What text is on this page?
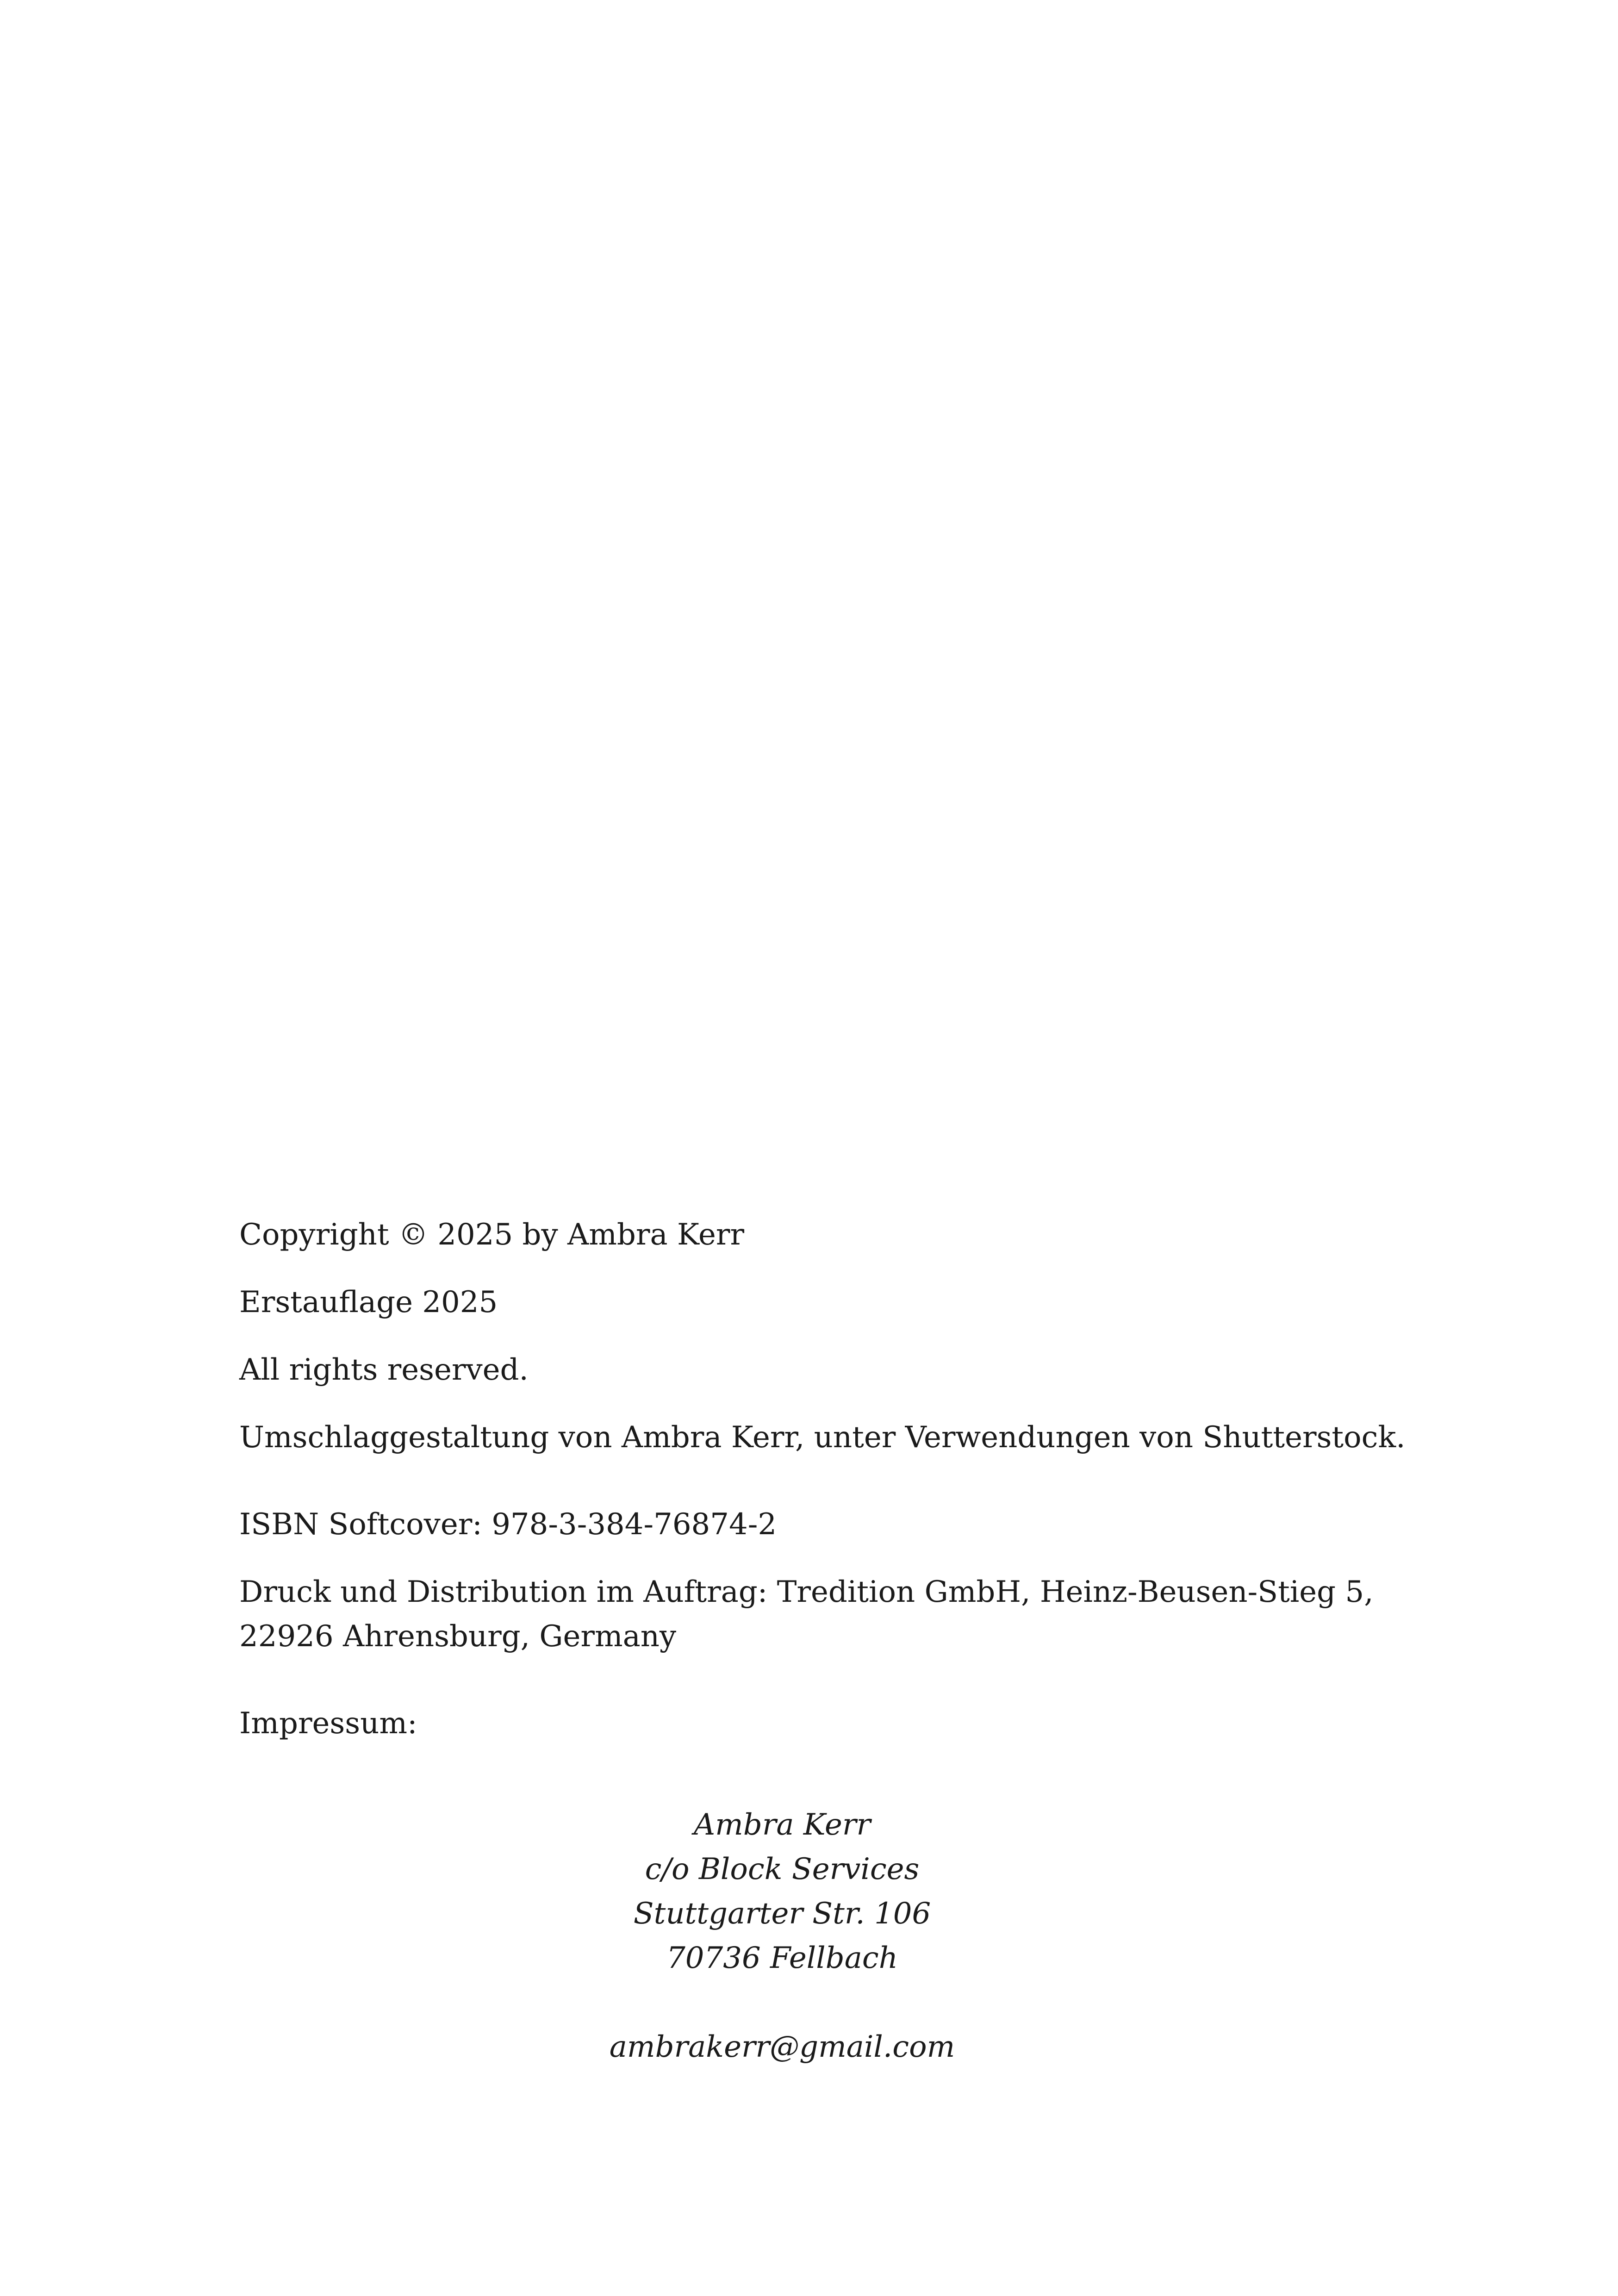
Copyright © 2025 by Ambra Kerr

Erstauflage 2025

All rights reserved.

Umschlaggestaltung von Ambra Kerr, unter Verwendungen von Shutterstock.

ISBN Softcover: 978-3-384-76874-2

Druck und Distribution im Auftrag: Tredition GmbH, Heinz-Beusen-Stieg 5,

22926 Ahrensburg, Germany

Impressum:

Ambra Kerr

c/o Block Services

Stuttgarter Str. 106

70736 Fellbach

ambrakerr@gmail.com
